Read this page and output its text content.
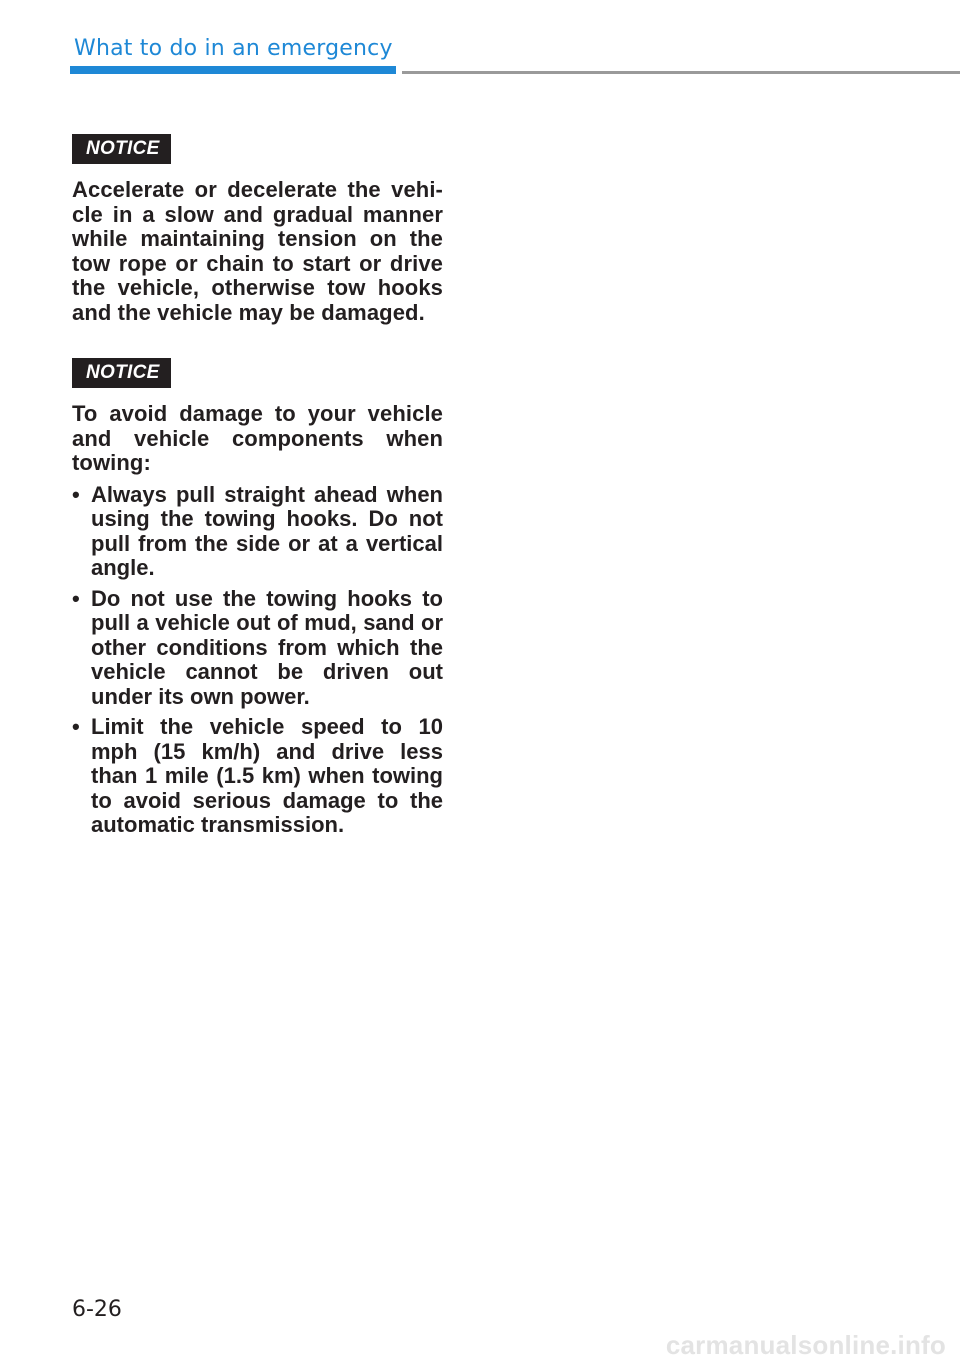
What to do in an emergency
NOTICE

Accelerate or decelerate the vehi-cle in a slow and gradual manner while maintaining tension on the tow rope or chain to start or drive the vehicle, otherwise tow hooks and the vehicle may be damaged.

NOTICE

To avoid damage to your vehicle and vehicle components when towing:

• Always pull straight ahead when using the towing hooks. Do not pull from the side or at a vertical angle.
• Do not use the towing hooks to pull a vehicle out of mud, sand or other conditions from which the vehicle cannot be driven out under its own power.
• Limit the vehicle speed to 10 mph (15 km/h) and drive less than 1 mile (1.5 km) when towing to avoid serious damage to the automatic transmission.
6-26
carmanualsonline.info
